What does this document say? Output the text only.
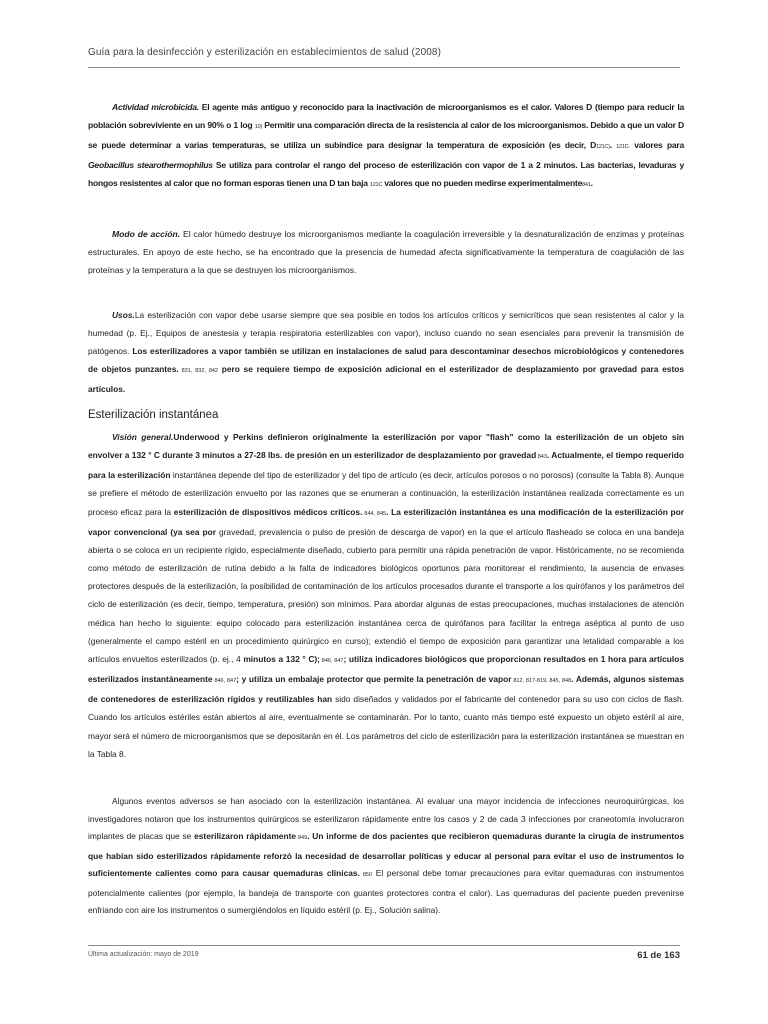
Guía para la desinfección y esterilización en establecimientos de salud (2008)

Actividad microbicida. El agente más antiguo y reconocido para la inactivación de microorganismos es el calor. Valores D (tiempo para reducir la población sobreviviente en un 90% o 1 log 10) Permitir una comparación directa de la resistencia al calor de los microorganismos. Debido a que un valor D se puede determinar a varias temperaturas, se utiliza un subíndice para designar la temperatura de exposición (es decir, D121C). 121C- valores para Geobacillus stearothermophilus Se utiliza para controlar el rango del proceso de esterilización con vapor de 1 a 2 minutos. Las bacterias, levaduras y hongos resistentes al calor que no forman esporas tienen una D tan baja 121C valores que no pueden medirse experimentalmente841.

Modo de acción. El calor húmedo destruye los microorganismos mediante la coagulación irreversible y la desnaturalización de enzimas y proteínas estructurales. En apoyo de este hecho, se ha encontrado que la presencia de humedad afecta significativamente la temperatura de coagulación de las proteínas y la temperatura a la que se destruyen los microorganismos.

Usos.La esterilización con vapor debe usarse siempre que sea posible en todos los artículos críticos y semicríticos que sean resistentes al calor y la humedad (p. Ej., Equipos de anestesia y terapia respiratoria esterilizables con vapor), incluso cuando no sean esenciales para prevenir la transmisión de patógenos. Los esterilizadores a vapor también se utilizan en instalaciones de salud para descontaminar desechos microbiológicos y contenedores de objetos punzantes. 831, 832, 842 pero se requiere tiempo de exposición adicional en el esterilizador de desplazamiento por gravedad para estos artículos.

Esterilización instantánea

Visión general.Underwood y Perkins definieron originalmente la esterilización por vapor "flash" como la esterilización de un objeto sin envolver a 132 ° C durante 3 minutos a 27-28 lbs. de presión en un esterilizador de desplazamiento por gravedad 843. Actualmente, el tiempo requerido para la esterilización instantánea depende del tipo de esterilizador y del tipo de artículo (es decir, artículos porosos o no porosos) (consulte la Tabla 8). Aunque se prefiere el método de esterilización envuelto por las razones que se enumeran a continuación, la esterilización instantánea realizada correctamente es un proceso eficaz para la esterilización de dispositivos médicos críticos. 844, 845. La esterilización instantánea es una modificación de la esterilización por vapor convencional (ya sea por gravedad, prevalencia o pulso de presión de descarga de vapor) en la que el artículo flasheado se coloca en una bandeja abierta o se coloca en un recipiente rígido, especialmente diseñado, cubierto para permitir una rápida penetración de vapor. Históricamente, no se recomienda como método de esterilización de rutina debido a la falta de indicadores biológicos oportunos para monitorear el rendimiento, la ausencia de envases protectores después de la esterilización, la posibilidad de contaminación de los artículos procesados durante el transporte a los quirófanos y los parámetros del ciclo de esterilización (es decir, tiempo, temperatura, presión) son mínimos. Para abordar algunas de estas preocupaciones, muchas instalaciones de atención médica han hecho lo siguiente: equipo colocado para esterilización instantánea cerca de quirófanos para facilitar la entrega aséptica al punto de uso (generalmente el campo estéril en un procedimiento quirúrgico en curso); extendió el tiempo de exposición para garantizar una letalidad comparable a los artículos envueltos esterilizados (p. ej., 4 minutos a 132 ° C); 846, 847; utiliza indicadores biológicos que proporcionan resultados en 1 hora para artículos esterilizados instantáneamente 846, 847; y utiliza un embalaje protector que permite la penetración de vapor 812, 817-819, 845, 848. Además, algunos sistemas de contenedores de esterilización rígidos y reutilizables han sido diseñados y validados por el fabricante del contenedor para su uso con ciclos de flash. Cuando los artículos estériles están abiertos al aire, eventualmente se contaminarán. Por lo tanto, cuanto más tiempo esté expuesto un objeto estéril al aire, mayor será el número de microorganismos que se depositarán en él. Los parámetros del ciclo de esterilización para la esterilización instantánea se muestran en la Tabla 8.

Algunos eventos adversos se han asociado con la esterilización instantánea. Al evaluar una mayor incidencia de infecciones neuroquirúrgicas, los investigadores notaron que los instrumentos quirúrgicos se esterilizaron rápidamente entre los casos y 2 de cada 3 infecciones por craneotomía involucraron implantes de placas que se esterilizaron rápidamente 849. Un informe de dos pacientes que recibieron quemaduras durante la cirugía de instrumentos que habían sido esterilizados rápidamente reforzó la necesidad de desarrollar políticas y educar al personal para evitar el uso de instrumentos lo suficientemente calientes como para causar quemaduras clínicas. 850 El personal debe tomar precauciones para evitar quemaduras con instrumentos potencialmente calientes (por ejemplo, la bandeja de transporte con guantes protectores contra el calor). Las quemaduras del paciente pueden prevenirse enfriando con aire los instrumentos o sumergiéndolos en líquido estéril (p. Ej., Solución salina).

Última actualización: mayo de 2019	61 de 163
